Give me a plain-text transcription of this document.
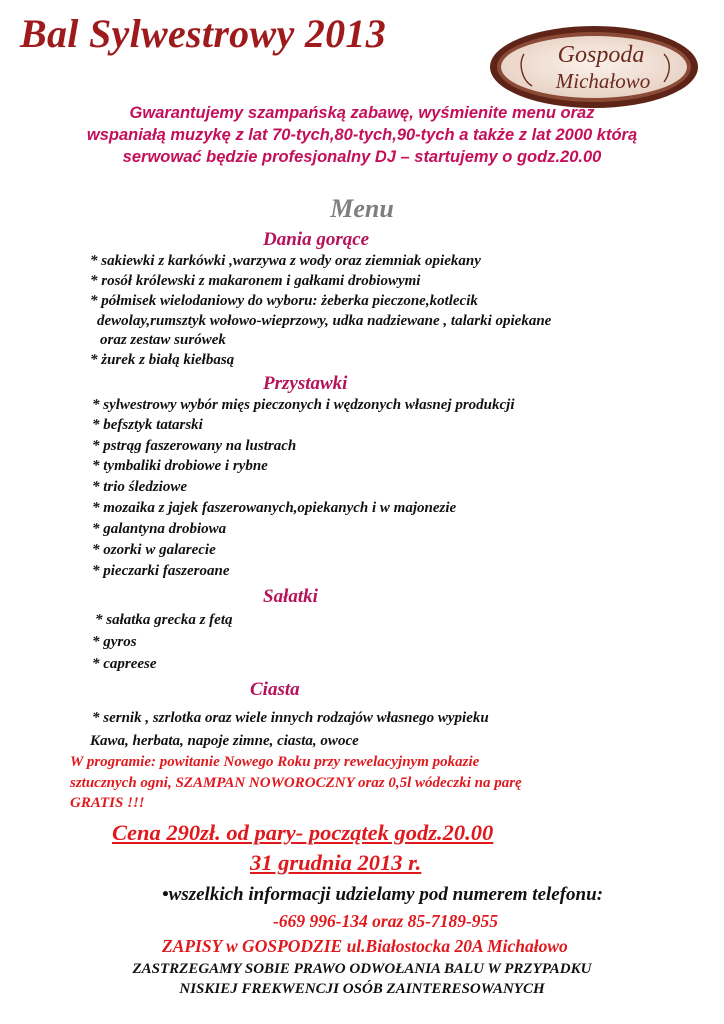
Bal Sylwestrowy 2013	Gospoda
Michałowo
Gwarantujemy szampańską zabawę, wyśmienite menu oraz
wspaniałą muzykę z lat 70-tych,80-tych,90-tych a także z lat 2000 którą
serwować będzie profesjonalny DJ – startujemy o godz.20.00
Menu
Dania gorące
* sakiewki z karkówki ,warzywa z wody oraz ziemniak opiekany
* rosół królewski z makaronem i gałkami drobiowymi
* półmisek wielodaniowy do wyboru: żeberka pieczone,kotlecik
dewolay,rumsztyk wołowo-wieprzowy, udka nadziewane , talarki opiekane
oraz zestaw surówek
* żurek z białą kiełbasą
Przystawki
* sylwestrowy wybór mięs pieczonych i wędzonych własnej produkcji
* befsztyk tatarski
* pstrąg faszerowany na lustrach
* tymbaliki drobiowe i rybne
* trio śledziowe
* mozaika z jajek faszerowanych,opiekanych i w majonezie
* galantyna drobiowa
* ozorki w galarecie
* pieczarki faszeroane
Sałatki
* sałatka grecka z fetą
* gyros
* capreese
Ciasta
* sernik , szrlotka oraz wiele innych rodzajów własnego wypieku
Kawa, herbata, napoje zimne, ciasta, owoce
W programie: powitanie Nowego Roku przy rewelacyjnym pokazie
sztucznych ogni, SZAMPAN NOWOROCZNY oraz 0,5l wódeczki na parę
GRATIS !!!
Cena 290zł. od pary- początek godz.20.00
31 grudnia 2013 r.
•wszelkich informacji udzielamy pod numerem telefonu:
-669 996-134 oraz 85-7189-955
ZAPISY w GOSPODZIE ul.Białostocka 20A Michałowo
ZASTRZEGAMY SOBIE PRAWO ODWOŁANIA BALU W PRZYPADKU
NISKIEJ FREKWENCJI OSÓB ZAINTERESOWANYCH
